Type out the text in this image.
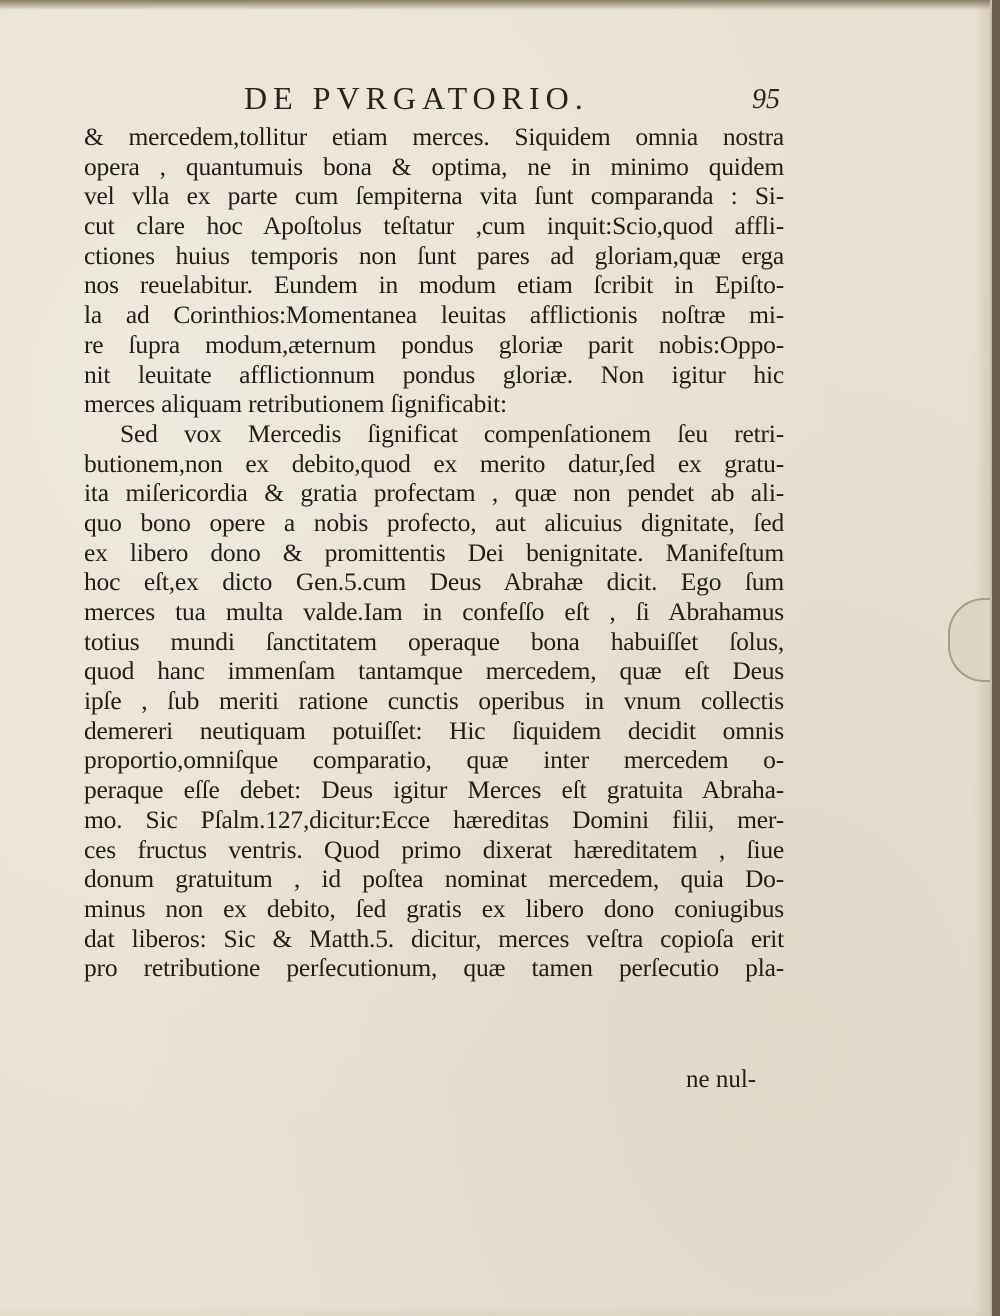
DE PVRGATORIO.	95
& mercedem,tollitur etiam merces. Siquidem omnia nostra
opera , quantumuis bona & optima, ne in minimo quidem
vel vlla ex parte cum ſempiterna vita ſunt comparanda : Si-
cut clare hoc Apoſtolus teſtatur ,cum inquit:Scio,quod affli-
ctiones huius temporis non ſunt pares ad gloriam,quæ erga
nos reuelabitur. Eundem in modum etiam ſcribit in Epiſto-
la ad Corinthios:Momentanea leuitas afflictionis noſtræ mi-
re ſupra modum,æternum pondus gloriæ parit nobis:Oppo-
nit leuitate afflictionnum pondus gloriæ. Non igitur hic
merces aliquam retributionem ſignificabit:
Sed vox Mercedis ſignificat compenſationem ſeu retri-
butionem,non ex debito,quod ex merito datur,ſed ex gratu-
ita miſericordia & gratia profectam , quæ non pendet ab ali-
quo bono opere a nobis profecto, aut alicuius dignitate, ſed
ex libero dono & promittentis Dei benignitate. Manifeſtum
hoc eſt,ex dicto Gen.5.cum Deus Abrahæ dicit. Ego ſum
merces tua multa valde.Iam in confeſſo eſt , ſi Abrahamus
totius mundi ſanctitatem operaque bona habuiſſet ſolus,
quod hanc immenſam tantamque mercedem, quæ eſt Deus
ipſe , ſub meriti ratione cunctis operibus in vnum collectis
demereri neutiquam potuiſſet: Hic ſiquidem decidit omnis
proportio,omniſque comparatio, quæ inter mercedem o-
peraque eſſe debet: Deus igitur Merces eſt gratuita Abraha-
mo. Sic Pſalm.127,dicitur:Ecce hæreditas Domini filii, mer-
ces fructus ventris. Quod primo dixerat hæreditatem , ſiue
donum gratuitum , id poſtea nominat mercedem, quia Do-
minus non ex debito, ſed gratis ex libero dono coniugibus
dat liberos: Sic & Matth.5. dicitur, merces veſtra copioſa erit
pro retributione perſecutionum, quæ tamen perſecutio pla-
ne nul-
